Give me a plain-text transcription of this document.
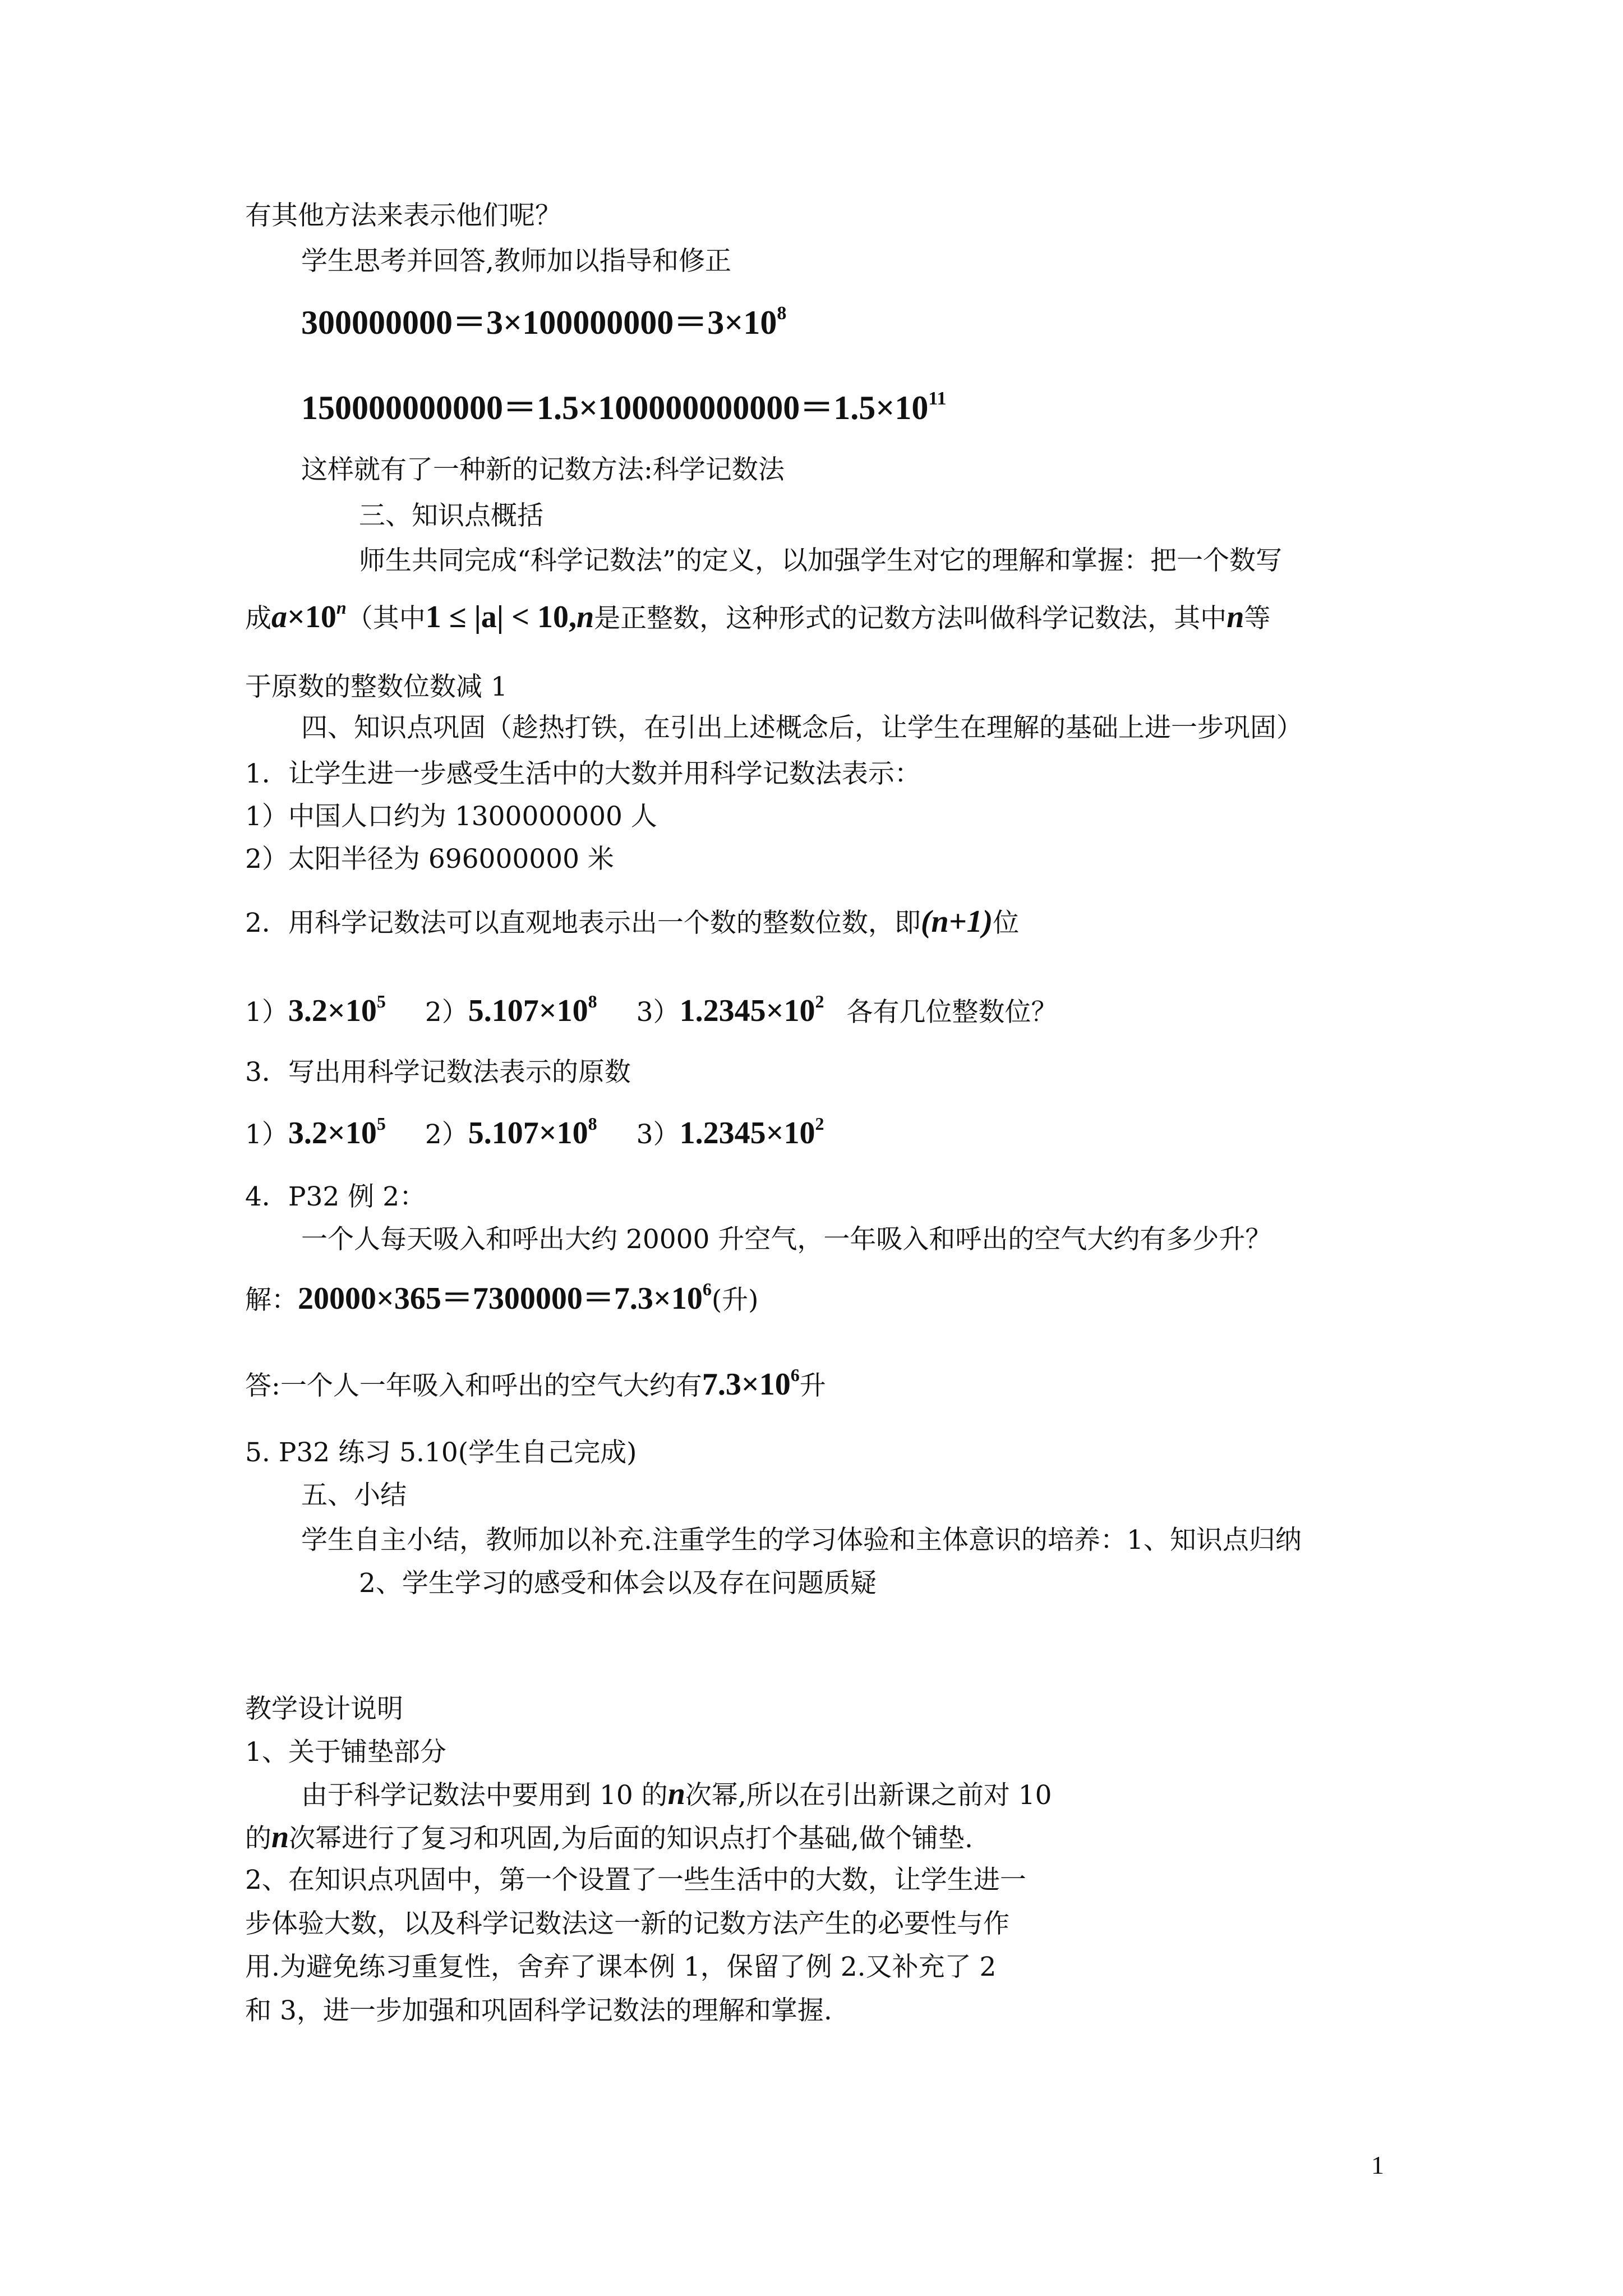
有其他方法来表示他们呢？
学生思考并回答,教师加以指导和修正
$300000000=3\times 100000000=3\times 10^8$
$150000000000=1.5\times 100000000000=1.5\times 10^{11}$
这样就有了一种新的记数方法:科学记数法
三、知识点概括
师生共同完成“科学记数法”的定义，以加强学生对它的理解和掌握：把一个数写
成$a\times 10^n$（其中1 ≤ |a| < 10,n是正整数，这种形式的记数方法叫做科学记数法，其中n等
于原数的整数位数减 1
四、知识点巩固（趁热打铁，在引出上述概念后，让学生在理解的基础上进一步巩固）
1．让学生进一步感受生活中的大数并用科学记数法表示：
1）中国人口约为 1300000000 人
2）太阳半径为 696000000 米
2．用科学记数法可以直观地表示出一个数的整数位数，即(n+1)位
$1)3.2\times 10^5$ $2)5.107\times 10^8$ $3)1.2345\times 10^2$ 各有几位整数位？
3．写出用科学记数法表示的原数
$1)3.2\times 10^5$ $2)5.107\times 10^8$ $3)1.2345\times 10^2$
4．P32 例 2：
一个人每天吸入和呼出大约 20000 升空气，一年吸入和呼出的空气大约有多少升？
解：$20000\times 365=7300000=7.3\times 10^6$(升)
答:一个人一年吸入和呼出的空气大约有$7.3\times 10^6$升
5. P32 练习 5.10(学生自己完成)
五、小结
学生自主小结，教师加以补充.注重学生的学习体验和主体意识的培养：1、知识点归纳
2、学生学习的感受和体会以及存在问题质疑
教学设计说明
1、关于铺垫部分
由于科学记数法中要用到 10 的n次幂,所以在引出新课之前对 10
的n次幂进行了复习和巩固,为后面的知识点打个基础,做个铺垫.
2、在知识点巩固中，第一个设置了一些生活中的大数，让学生进一
步体验大数，以及科学记数法这一新的记数方法产生的必要性与作
用.为避免练习重复性，舍弃了课本例 1，保留了例 2.又补充了 2
和 3，进一步加强和巩固科学记数法的理解和掌握.
1
